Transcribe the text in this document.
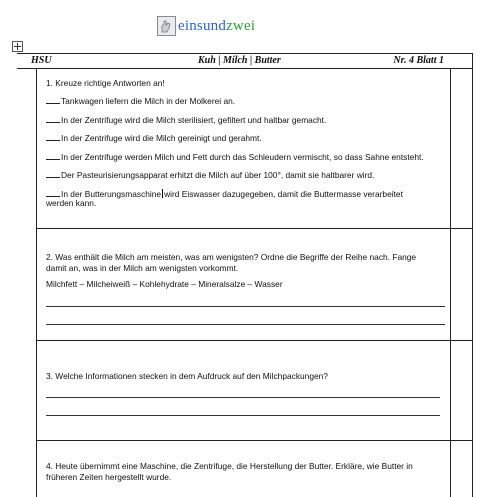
einsundzwei
HSU	Kuh | Milch | Butter	Nr. 4 Blatt 1
1. Kreuze richtige Antworten an!
Tankwagen liefern die Milch in der Molkerei an.
In der Zentrifuge wird die Milch sterilisiert, gefiltert und haltbar gemacht.
In der Zentrifuge wird die Milch gereinigt und gerahmt.
In der Zentrifuge werden Milch und Fett durch das Schleudern vermischt, so dass Sahne entsteht.
Der Pasteurisierungsapparat erhitzt die Milch auf über 100°, damit sie haltbarer wird.
In der Butterungsmaschine wird Eiswasser dazugegeben, damit die Buttermasse verarbeitet
werden kann.
2. Was enthält die Milch am meisten, was am wenigsten? Ordne die Begriffe der Reihe nach. Fange
damit an, was in der Milch am wenigsten vorkommt.
Milchfett – Milcheiweiß – Kohlehydrate – Mineralsalze – Wasser
3. Welche Informationen stecken in dem Aufdruck auf den Milchpackungen?
4. Heute übernimmt eine Maschine, die Zentrifuge, die Herstellung der Butter. Erkläre, wie Butter in
früheren Zeiten hergestellt wurde.
